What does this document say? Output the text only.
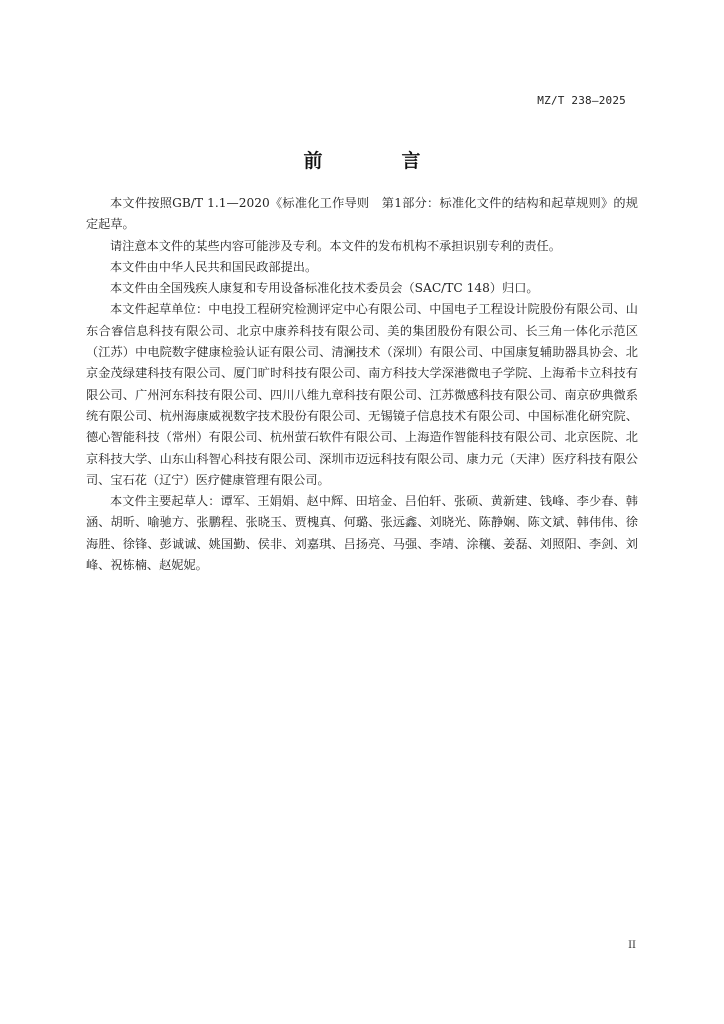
MZ/T 238—2025
前　言

本文件按照GB/T 1.1—2020《标准化工作导则　第1部分：标准化文件的结构和起草规则》的规定起草。

请注意本文件的某些内容可能涉及专利。本文件的发布机构不承担识别专利的责任。

本文件由中华人民共和国民政部提出。

本文件由全国残疾人康复和专用设备标准化技术委员会（SAC/TC 148）归口。

本文件起草单位：中电投工程研究检测评定中心有限公司、中国电子工程设计院股份有限公司、山东合睿信息科技有限公司、北京中康养科技有限公司、美的集团股份有限公司、长三角一体化示范区（江苏）中电院数字健康检验认证有限公司、清澜技术（深圳）有限公司、中国康复辅助器具协会、北京金茂绿建科技有限公司、厦门旷时科技有限公司、南方科技大学深港微电子学院、上海希卡立科技有限公司、广州河东科技有限公司、四川八维九章科技有限公司、江苏微感科技有限公司、南京矽典微系统有限公司、杭州海康威视数字技术股份有限公司、无锡镜子信息技术有限公司、中国标准化研究院、德心智能科技（常州）有限公司、杭州萤石软件有限公司、上海造作智能科技有限公司、北京医院、北京科技大学、山东山科智心科技有限公司、深圳市迈远科技有限公司、康力元（天津）医疗科技有限公司、宝石花（辽宁）医疗健康管理有限公司。

本文件主要起草人：谭军、王娟娟、赵中辉、田培金、吕伯轩、张硕、黄新建、钱峰、李少春、韩涵、胡昕、喻驰方、张鹏程、张晓玉、贾槐真、何璐、张远鑫、刘晓光、陈静娴、陈文斌、韩伟伟、徐海胜、徐锋、彭诚诚、姚国勤、侯非、刘嘉琪、吕扬亮、马强、李靖、涂穰、姜磊、刘照阳、李剑、刘峰、祝栋楠、赵妮妮。

II
